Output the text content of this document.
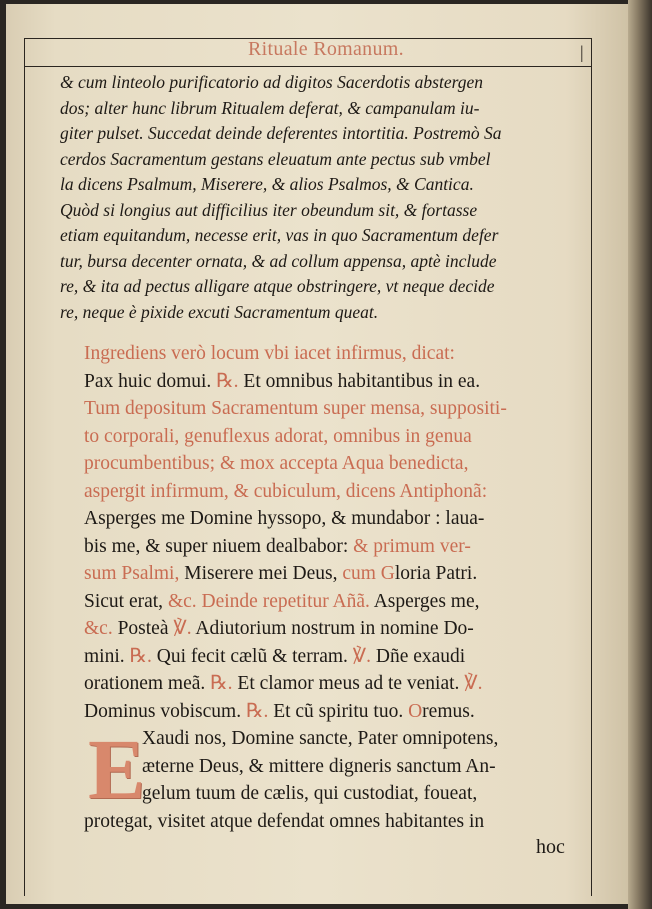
Rituale Romanum.	|
& cum linteolo purificatorio ad digitos Sacerdotis abstergen
dos; alter hunc librum Ritualem deferat, & campanulam iu-
giter pulset. Succedat deinde deferentes intortitia. Postremò Sa
cerdos Sacramentum gestans eleuatum ante pectus sub vmbel
la dicens Psalmum, Miserere, & alios Psalmos, & Cantica.
Quòd si longius aut difficilius iter obeundum sit, & fortasse
etiam equitandum, necesse erit, vas in quo Sacramentum defer
tur, bursa decenter ornata, & ad collum appensa, aptè include
re, & ita ad pectus alligare atque obstringere, vt neque decide
re, neque è pixide excuti Sacramentum queat.
Ingrediens verò locum vbi iacet infirmus, dicat:
Pax huic domui. ℞. Et omnibus habitantibus in ea.
Tum depositum Sacramentum super mensa, suppositi-
to corporali, genuflexus adorat, omnibus in genua
procumbentibus; & mox accepta Aqua benedicta,
aspergit infirmum, & cubiculum, dicens Antiphonã:
Asperges me Domine hyssopo, & mundabor : laua-
bis me, & super niuem dealbabor: & primum ver-
sum Psalmi, Miserere mei Deus, cum Gloria Patri.
Sicut erat, &c. Deinde repetitur Añã. Asperges me,
&c. Posteà ℣. Adiutorium nostrum in nomine Do-
mini. ℞. Qui fecit cælũ & terram. ℣. Dñe exaudi
orationem meã. ℞. Et clamor meus ad te veniat. ℣.
Dominus vobiscum. ℞. Et cũ spiritu tuo. Oremus.
Xaudi nos, Domine sancte, Pater omnipotens,
æterne Deus, & mittere digneris sanctum An-
gelum tuum de cælis, qui custodiat, foueat,
protegat, visitet atque defendat omnes habitantes in
E
hoc
